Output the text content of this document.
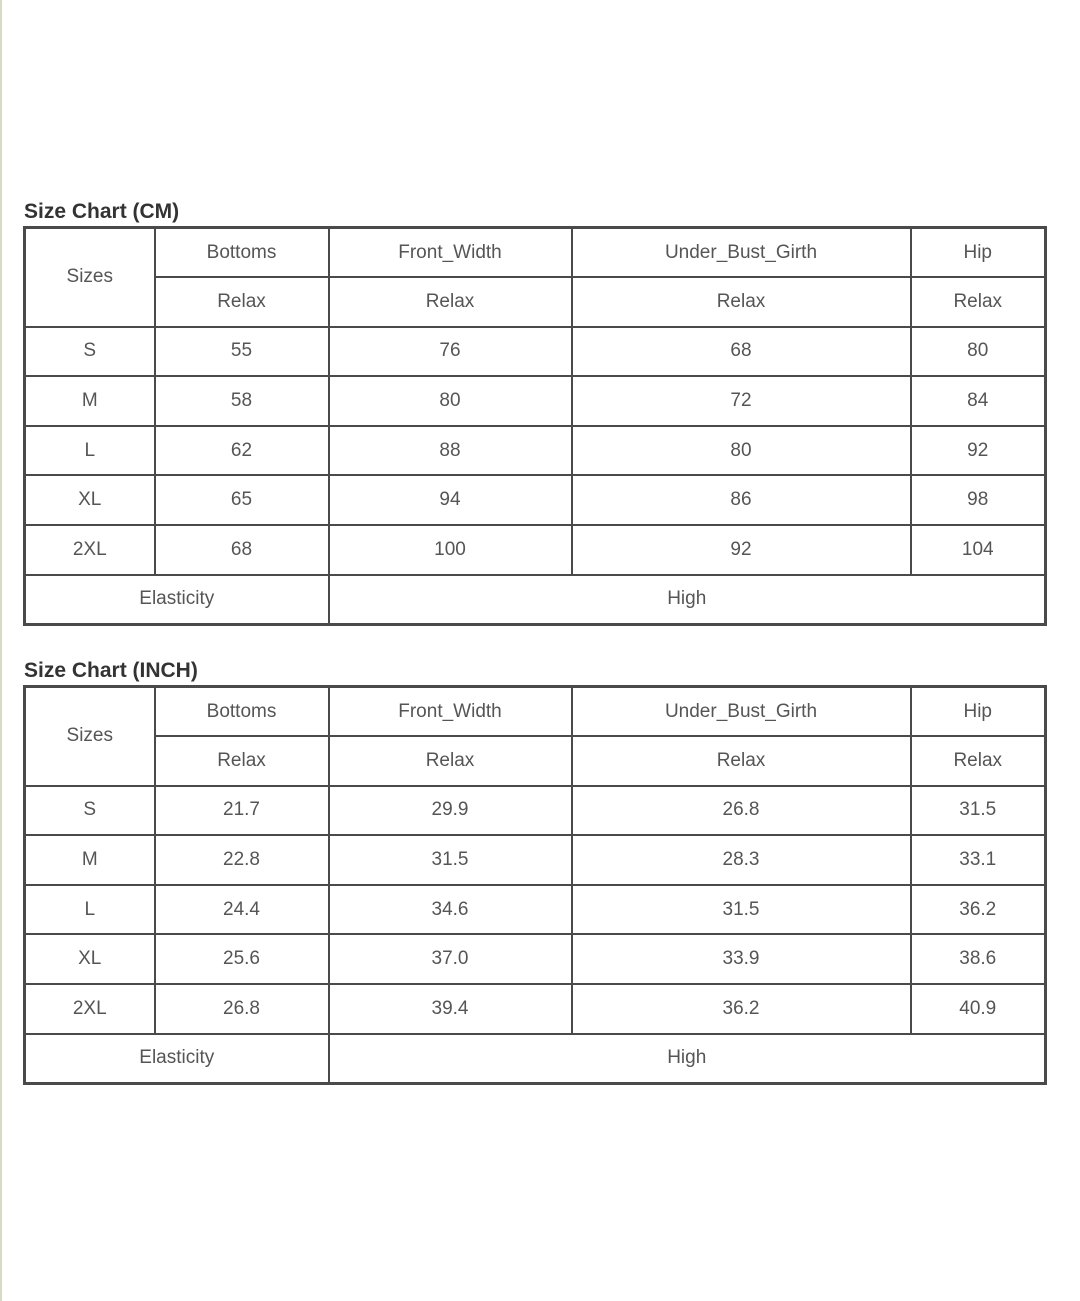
Size Chart (CM)
Sizes	Bottoms	Front_Width	Under_Bust_Girth	Hip
	Relax	Relax	Relax	Relax
S	55	76	68	80
M	58	80	72	84
L	62	88	80	92
XL	65	94	86	98
2XL	68	100	92	104
Elasticity		High		
Size Chart (INCH)
Sizes	Bottoms	Front_Width	Under_Bust_Girth	Hip
	Relax	Relax	Relax	Relax
S	21.7	29.9	26.8	31.5
M	22.8	31.5	28.3	33.1
L	24.4	34.6	31.5	36.2
XL	25.6	37.0	33.9	38.6
2XL	26.8	39.4	36.2	40.9
Elasticity		High		
